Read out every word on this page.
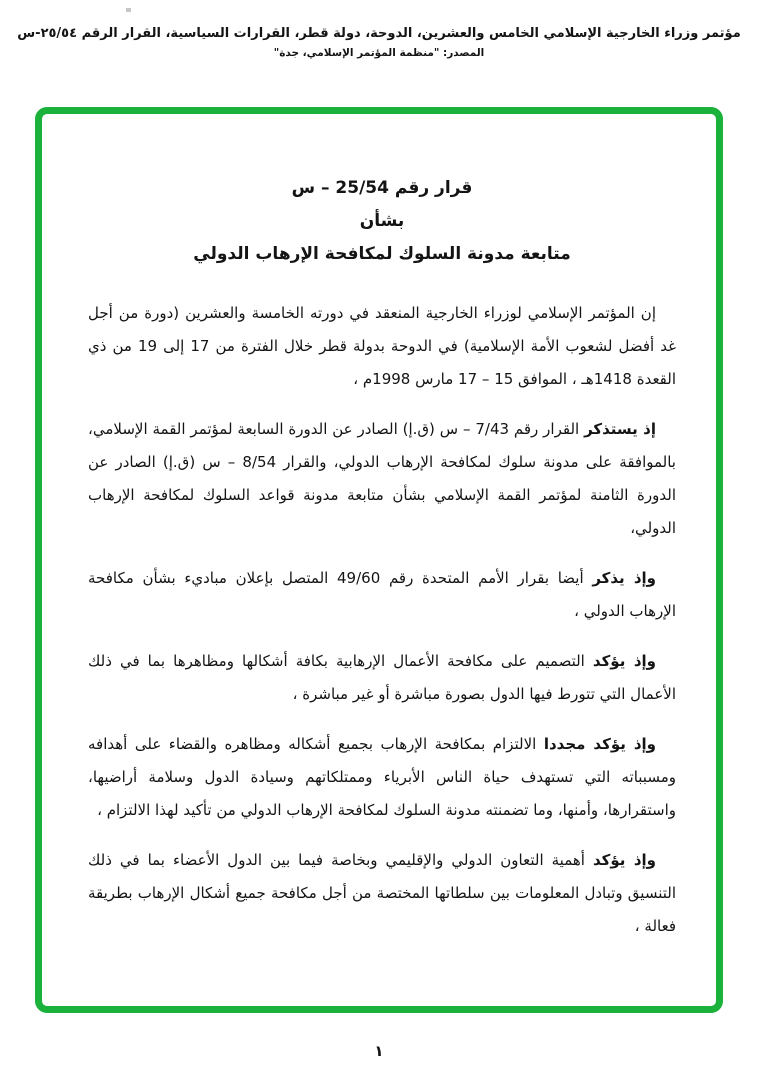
مؤتمر وزراء الخارجية الإسلامي الخامس والعشرين، الدوحة، دولة قطر، القرارات السياسية، القرار الرقم ٢٥/٥٤-س
المصدر: "منظمة المؤتمر الإسلامي، جدة"
قرار رقم 25/54 – س
بشأن
متابعة مدونة السلوك لمكافحة الإرهاب الدولي

إن المؤتمر الإسلامي لوزراء الخارجية المنعقد في دورته الخامسة والعشرين (دورة من أجل غد أفضل لشعوب الأمة الإسلامية) في الدوحة بدولة قطر خلال الفترة من 17 إلى 19 من ذي القعدة 1418هـ ، الموافق 15 – 17 مارس 1998م ،

إذ يستذكر القرار رقم 7/43 – س (ق.إ) الصادر عن الدورة السابعة لمؤتمر القمة الإسلامي، بالموافقة على مدونة سلوك لمكافحة الإرهاب الدولي، والقرار 8/54 – س (ق.إ) الصادر عن الدورة الثامنة لمؤتمر القمة الإسلامي بشأن متابعة مدونة قواعد السلوك لمكافحة الإرهاب الدولي،

وإذ يذكر أيضا بقرار الأمم المتحدة رقم 49/60 المتصل بإعلان مباديء بشأن مكافحة الإرهاب الدولي ،

وإذ يؤكد التصميم على مكافحة الأعمال الإرهابية بكافة أشكالها ومظاهرها بما في ذلك الأعمال التي تتورط فيها الدول بصورة مباشرة أو غير مباشرة ،

وإذ يؤكد مجددا الالتزام بمكافحة الإرهاب بجميع أشكاله ومظاهره والقضاء على أهدافه ومسبباته التي تستهدف حياة الناس الأبرياء وممتلكاتهم وسيادة الدول وسلامة أراضيها، واستقرارها، وأمنها، وما تضمنته مدونة السلوك لمكافحة الإرهاب الدولي من تأكيد لهذا الالتزام ،

وإذ يؤكد أهمية التعاون الدولي والإقليمي وبخاصة فيما بين الدول الأعضاء بما في ذلك التنسيق وتبادل المعلومات بين سلطاتها المختصة من أجل مكافحة جميع أشكال الإرهاب بطريقة فعالة ،

١
